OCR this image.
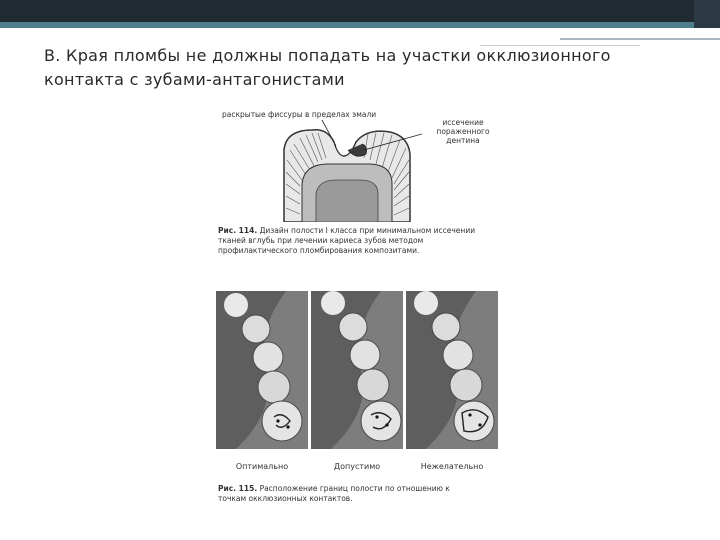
В. Края пломбы не должны попадать на участки окклюзионного контакта с зубами-антагонистами
раскрытые фиссуры в пределах эмали
иссечение пораженного дентина
Рис. 114. Дизайн полости I класса при минимальном иссечении тканей вглубь при лечении кариеса зубов методом профилактического пломбирования композитами.
Оптимально	Допустимо	Нежелательно
Рис. 115. Расположение границ полости по отношению к точкам окклюзионных контактов.
